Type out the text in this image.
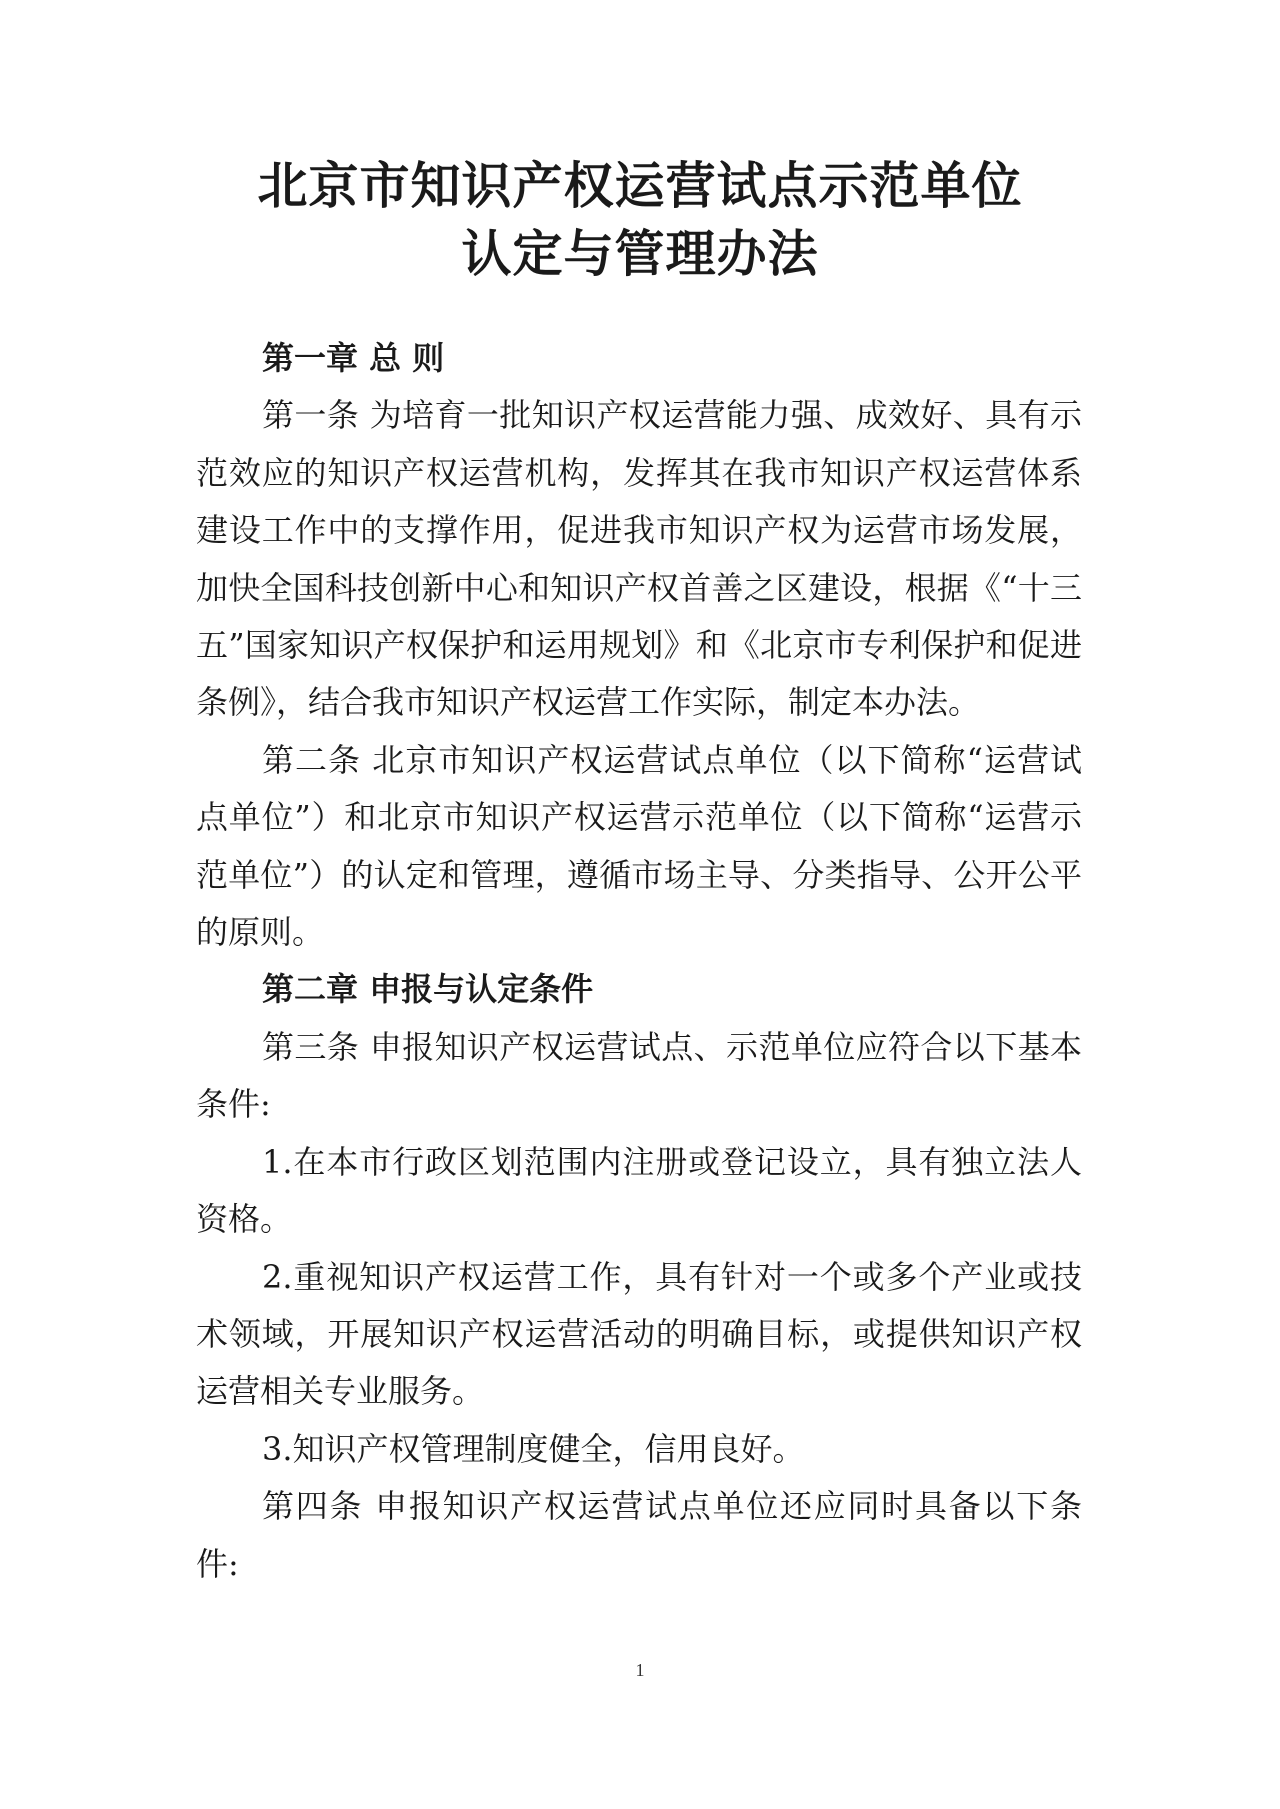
北京市知识产权运营试点示范单位
认定与管理办法

第一章 总 则

第一条 为培育一批知识产权运营能力强、成效好、具有示范效应的知识产权运营机构，发挥其在我市知识产权运营体系建设工作中的支撑作用，促进我市知识产权为运营市场发展，加快全国科技创新中心和知识产权首善之区建设，根据《“十三五”国家知识产权保护和运用规划》和《北京市专利保护和促进条例》，结合我市知识产权运营工作实际，制定本办法。

第二条 北京市知识产权运营试点单位（以下简称“运营试点单位”）和北京市知识产权运营示范单位（以下简称“运营示范单位”）的认定和管理，遵循市场主导、分类指导、公开公平的原则。

第二章 申报与认定条件

第三条 申报知识产权运营试点、示范单位应符合以下基本条件:

1.在本市行政区划范围内注册或登记设立，具有独立法人资格。

2.重视知识产权运营工作，具有针对一个或多个产业或技术领域，开展知识产权运营活动的明确目标，或提供知识产权运营相关专业服务。

3.知识产权管理制度健全，信用良好。

第四条 申报知识产权运营试点单位还应同时具备以下条件:

1
